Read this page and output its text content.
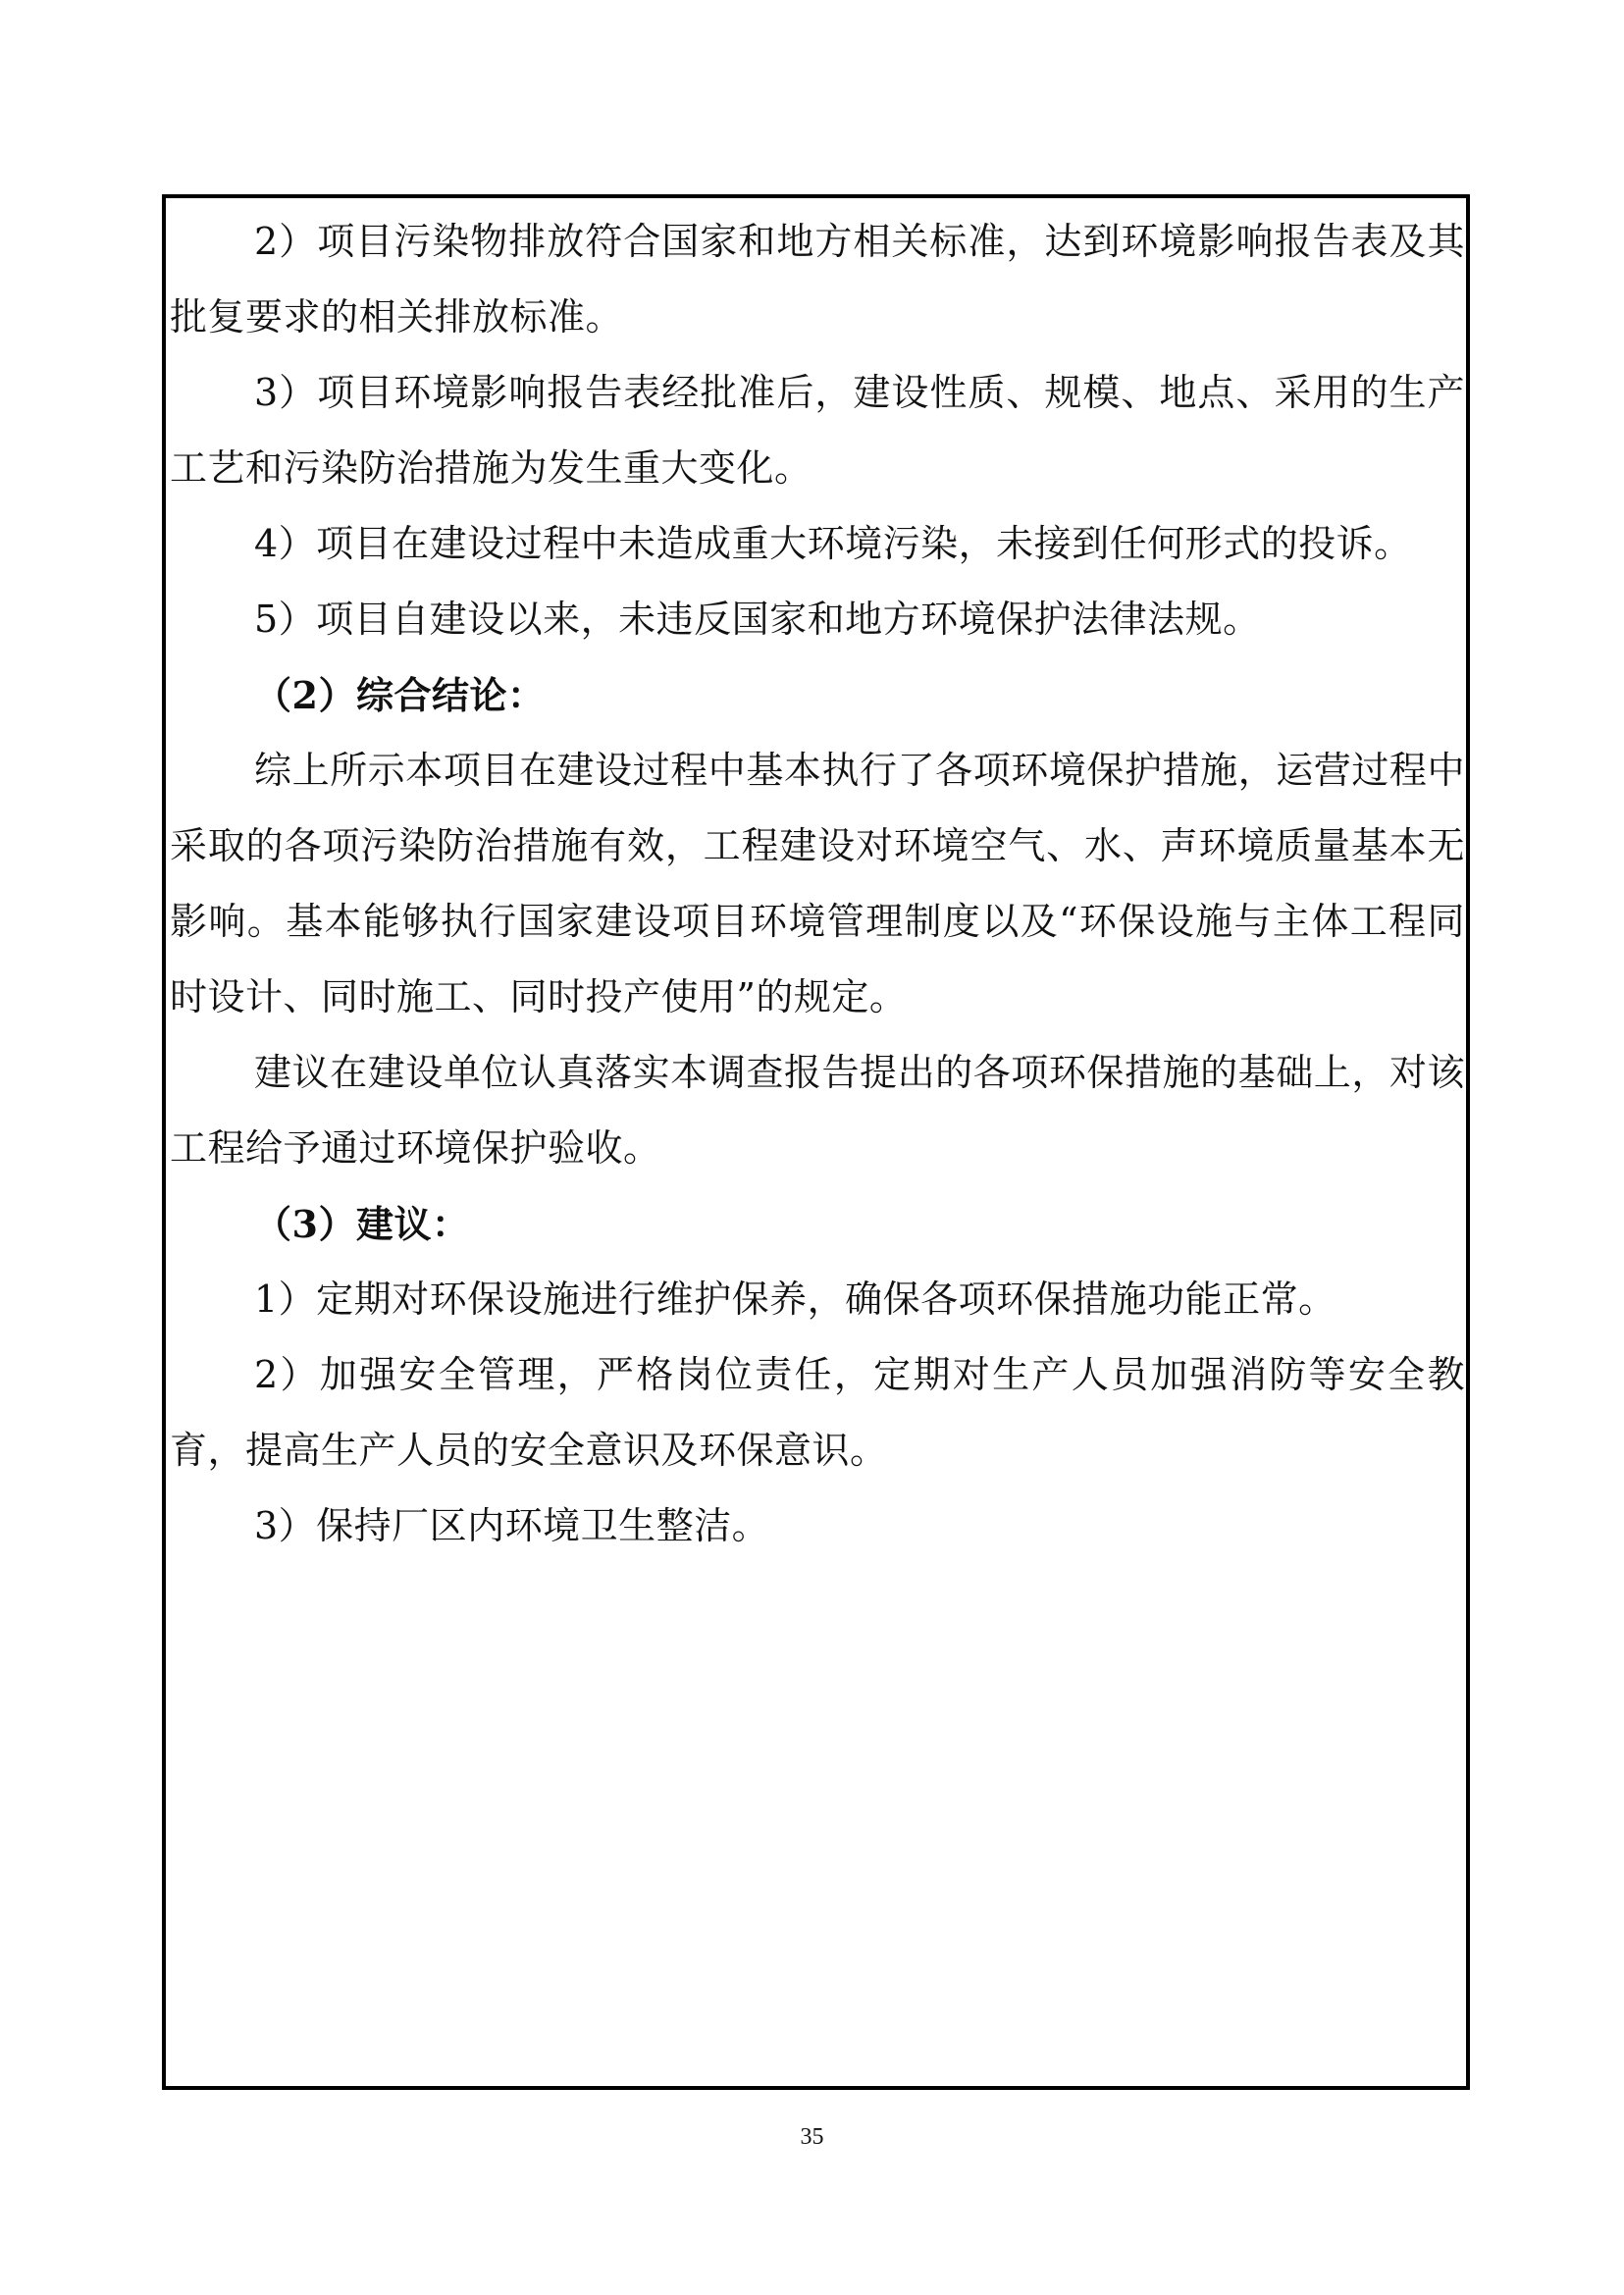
2）项目污染物排放符合国家和地方相关标准，达到环境影响报告表及其批复要求的相关排放标准。

3）项目环境影响报告表经批准后，建设性质、规模、地点、采用的生产工艺和污染防治措施为发生重大变化。

4）项目在建设过程中未造成重大环境污染，未接到任何形式的投诉。

5）项目自建设以来，未违反国家和地方环境保护法律法规。

（2）综合结论：

综上所示本项目在建设过程中基本执行了各项环境保护措施，运营过程中采取的各项污染防治措施有效，工程建设对环境空气、水、声环境质量基本无影响。基本能够执行国家建设项目环境管理制度以及“环保设施与主体工程同时设计、同时施工、同时投产使用”的规定。

建议在建设单位认真落实本调查报告提出的各项环保措施的基础上，对该工程给予通过环境保护验收。

（3）建议：

1）定期对环保设施进行维护保养，确保各项环保措施功能正常。

2）加强安全管理，严格岗位责任，定期对生产人员加强消防等安全教育，提高生产人员的安全意识及环保意识。

3）保持厂区内环境卫生整洁。

35
